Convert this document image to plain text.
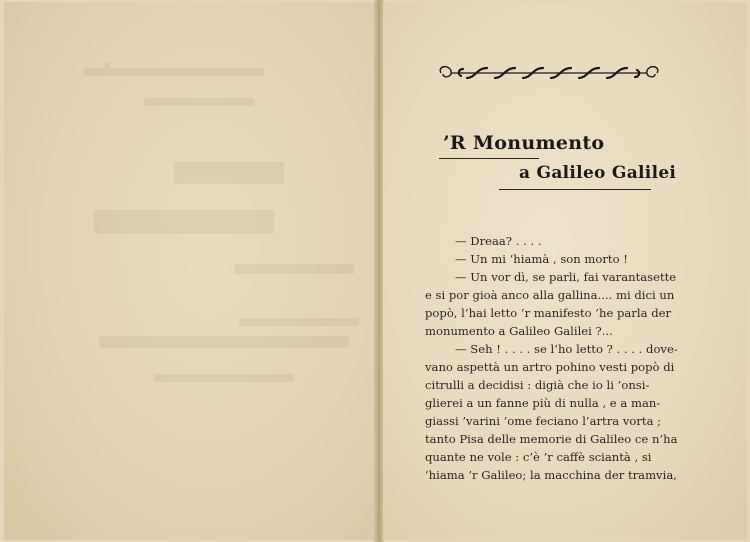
’R Monumento
a Galileo Galilei
— Dreaa? . . . .
— Un mi ’hiamà , son morto !
— Un vor dì, se parli, fai varantasette
e si por gioà anco alla gallina.... mi dici un
popò, l’hai letto ’r manifesto ’he parla der
monumento a Galileo Galilei ?...
— Seh ! . . . . se l’ho letto ? . . . . dove-
vano aspettà un artro pohino vesti popò di
citrulli a decidisi : digià che io li ’onsi-
glierei a un fanne più di nulla , e a man-
giassi ’varini ’ome feciano l’artra vorta ;
tanto Pisa delle memorie di Galileo ce n’ha
quante ne vole : c’è ’r caffè sciantà , si
’hiama ’r Galileo; la macchina der tramvia,
